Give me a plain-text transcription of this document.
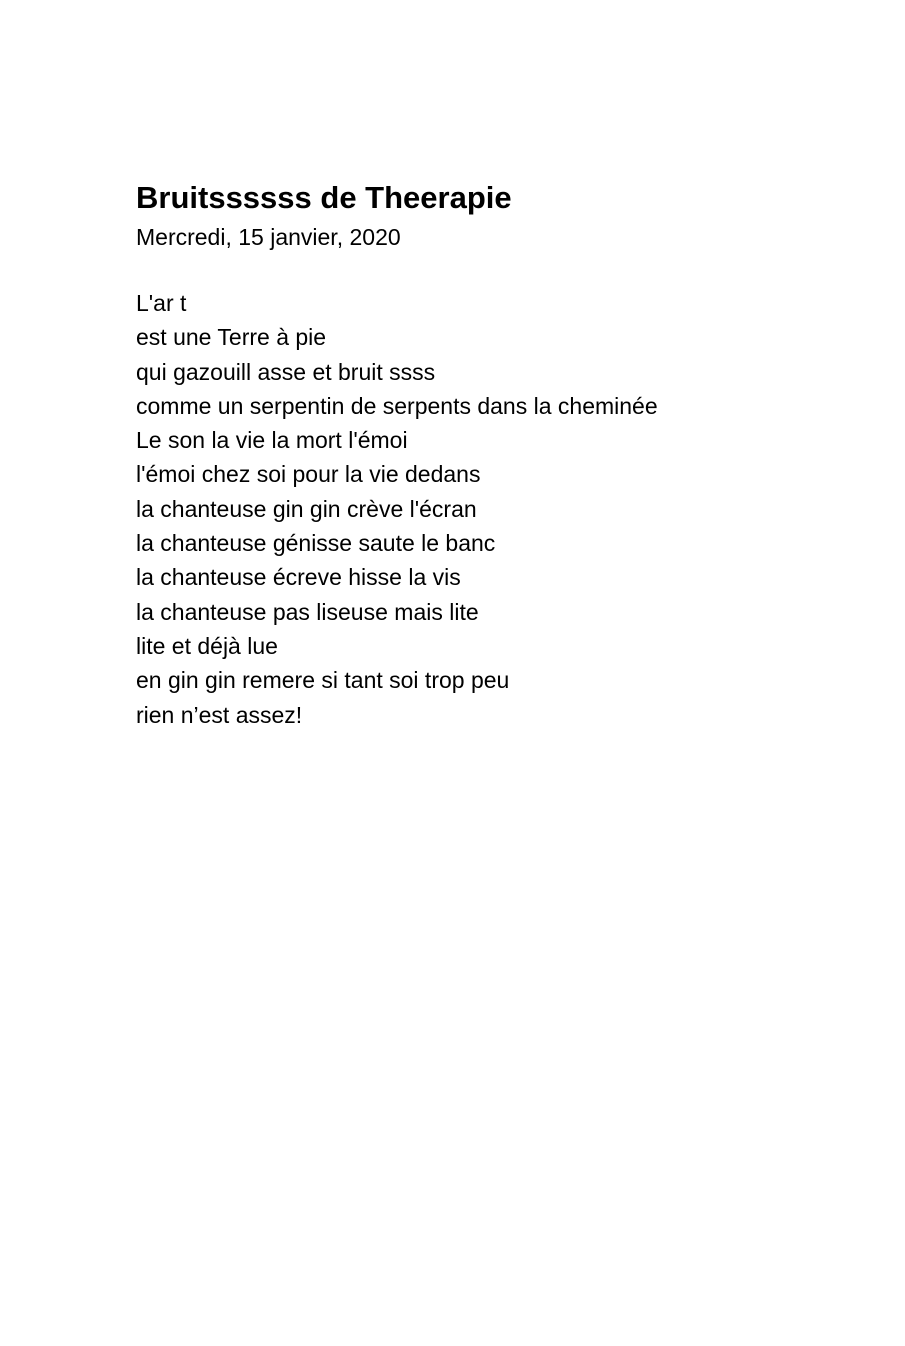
Bruitssssss de Theerapie
Mercredi, 15 janvier, 2020
L'ar t
est une Terre à pie
qui gazouill asse et bruit ssss
comme un serpentin de serpents dans la cheminée
Le son la vie la mort l'émoi
l'émoi chez soi pour la vie dedans
la chanteuse gin gin crève l'écran
la chanteuse génisse saute le banc
la chanteuse écreve hisse la vis
la chanteuse pas liseuse mais lite
lite et déjà lue
en gin gin remere si tant soi trop peu
rien n’est assez!
